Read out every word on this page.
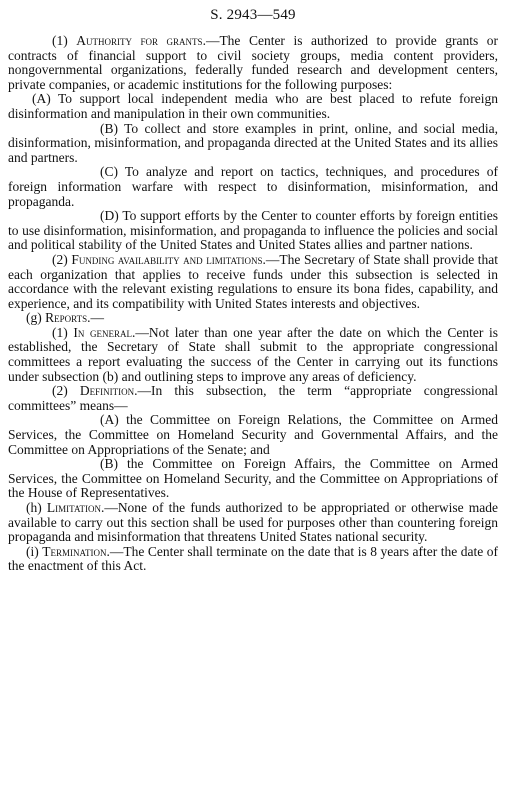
S. 2943—549

(1) Authority for grants.—The Center is authorized to provide grants or contracts of financial support to civil society groups, media content providers, nongovernmental organizations, federally funded research and development centers, private companies, or academic institutions for the following purposes:

(A) To support local independent media who are best placed to refute foreign disinformation and manipulation in their own communities.

(B) To collect and store examples in print, online, and social media, disinformation, misinformation, and propaganda directed at the United States and its allies and partners.

(C) To analyze and report on tactics, techniques, and procedures of foreign information warfare with respect to disinformation, misinformation, and propaganda.

(D) To support efforts by the Center to counter efforts by foreign entities to use disinformation, misinformation, and propaganda to influence the policies and social and political stability of the United States and United States allies and partner nations.

(2) Funding availability and limitations.—The Secretary of State shall provide that each organization that applies to receive funds under this subsection is selected in accordance with the relevant existing regulations to ensure its bona fides, capability, and experience, and its compatibility with United States interests and objectives.

(g) Reports.—

(1) In general.—Not later than one year after the date on which the Center is established, the Secretary of State shall submit to the appropriate congressional committees a report evaluating the success of the Center in carrying out its functions under subsection (b) and outlining steps to improve any areas of deficiency.

(2) Definition.—In this subsection, the term “appropriate congressional committees” means—

(A) the Committee on Foreign Relations, the Committee on Armed Services, the Committee on Homeland Security and Governmental Affairs, and the Committee on Appropriations of the Senate; and

(B) the Committee on Foreign Affairs, the Committee on Armed Services, the Committee on Homeland Security, and the Committee on Appropriations of the House of Representatives.

(h) Limitation.—None of the funds authorized to be appropriated or otherwise made available to carry out this section shall be used for purposes other than countering foreign propaganda and misinformation that threatens United States national security.

(i) Termination.—The Center shall terminate on the date that is 8 years after the date of the enactment of this Act.
